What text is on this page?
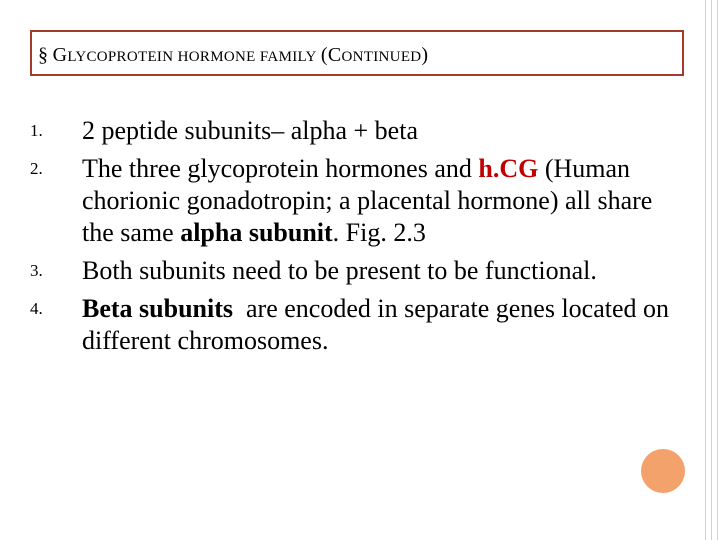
§ GLYCOPROTEIN HORMONE FAMILY (CONTINUED)
1.	2 peptide subunits– alpha + beta
2.	The three glycoprotein hormones and h.CG (Human chorionic gonadotropin; a placental hormone) all share the same alpha subunit. Fig. 2.3
3.	Both subunits need to be present to be functional.
4.	Beta subunits  are encoded in separate genes located on different chromosomes.
